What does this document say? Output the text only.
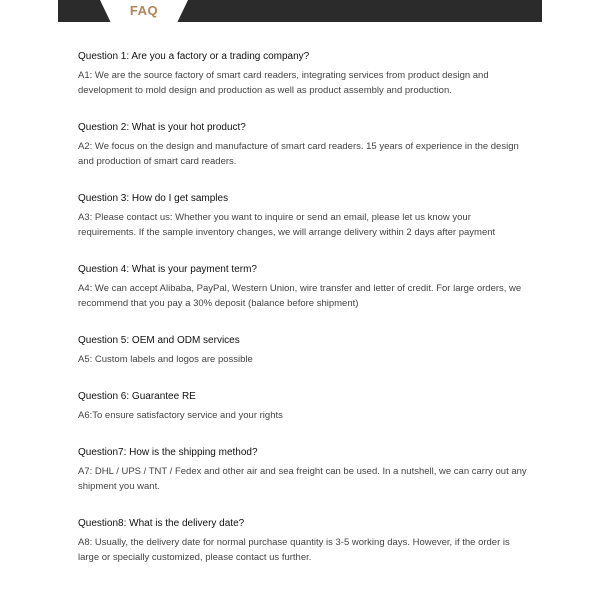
FAQ
Question 1: Are you a factory or a trading company?
A1: We are the source factory of smart card readers, integrating services from product design and development to mold design and production as well as product assembly and production.
Question 2: What is your hot product?
A2: We focus on the design and manufacture of smart card readers. 15 years of experience in the design and production of smart card readers.
Question 3: How do I get samples
A3: Please contact us: Whether you want to inquire or send an email, please let us know your requirements. If the sample inventory changes, we will arrange delivery within 2 days after payment
Question 4: What is your payment term?
A4: We can accept Alibaba, PayPal, Western Union, wire transfer and letter of credit. For large orders, we recommend that you pay a 30% deposit (balance before shipment)
Question 5: OEM and ODM services
A5: Custom labels and logos are possible
Question 6: Guarantee RE
A6:To ensure satisfactory service and your rights
Question7: How is the shipping method?
A7: DHL / UPS / TNT / Fedex and other air and sea freight can be used. In a nutshell, we can carry out any shipment you want.
Question8: What is the delivery date?
A8: Usually, the delivery date for normal purchase quantity is 3-5 working days. However, if the order is large or specially customized, please contact us further.
